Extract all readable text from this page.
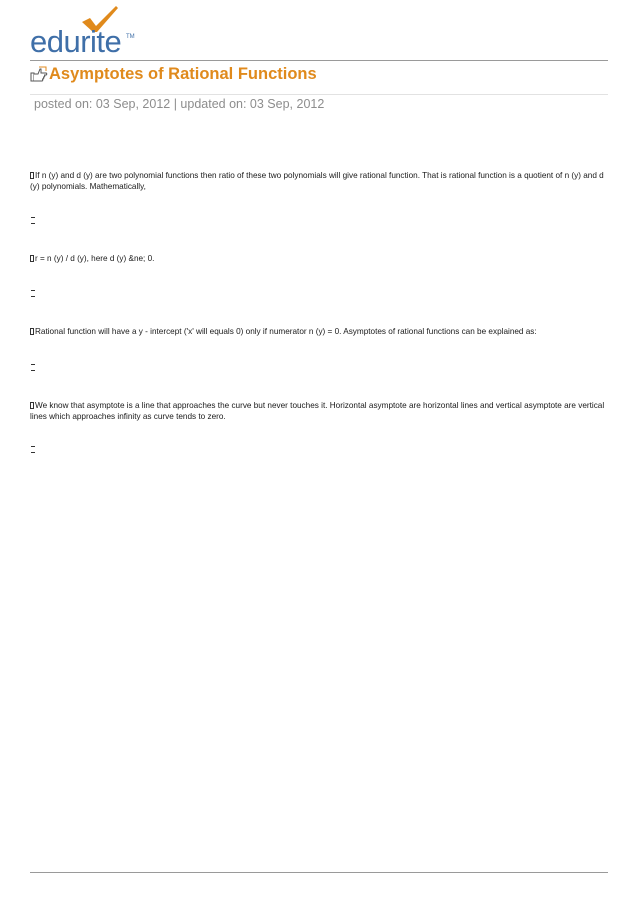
edurite TM
Asymptotes of Rational Functions
posted on: 03 Sep, 2012 | updated on: 03 Sep, 2012
If n (y) and d (y) are two polynomial functions then ratio of these two polynomials will give rational function. That is rational function is a quotient of n (y) and d (y) polynomials. Mathematically,
r = n (y) / d (y), here d (y) &ne; 0.
Rational function will have a y - intercept ('x' will equals 0) only if numerator n (y) = 0. Asymptotes of rational functions can be explained as:
We know that asymptote is a line that approaches the curve but never touches it. Horizontal asymptote are horizontal lines and vertical asymptote are vertical lines which approaches infinity as curve tends to zero.
